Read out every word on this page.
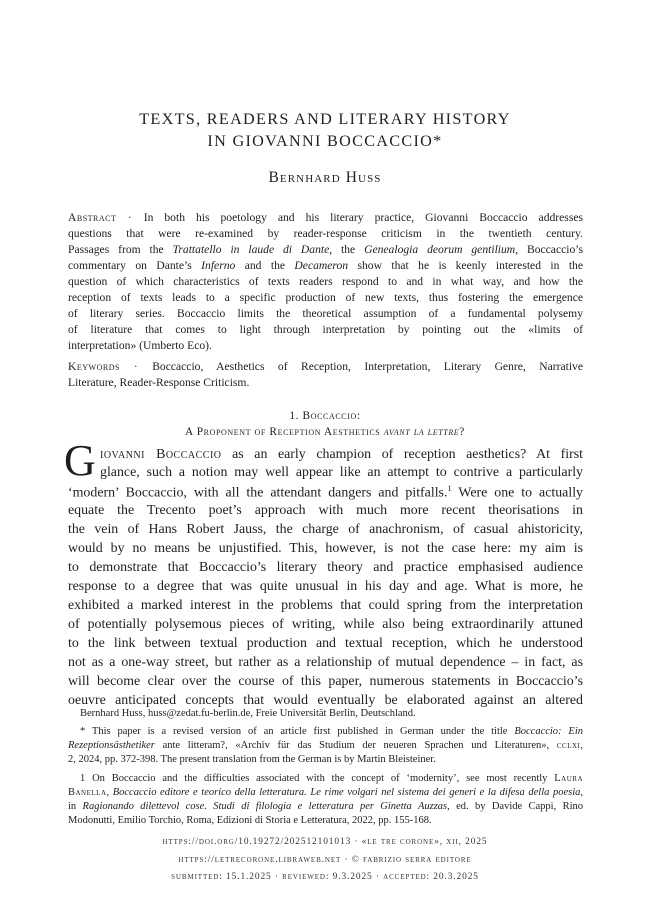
TEXTS, READERS AND LITERARY HISTORY
IN GIOVANNI BOCCACCIO*
Bernhard Huss
Abstract · In both his poetology and his literary practice, Giovanni Boccaccio addresses
questions that were re-examined by reader-response criticism in the twentieth century.
Passages from the Trattatello in laude di Dante, the Genealogia deorum gentilium, Boccaccio’s
commentary on Dante’s Inferno and the Decameron show that he is keenly interested in the
question of which characteristics of texts readers respond to and in what way, and how the
reception of texts leads to a specific production of new texts, thus fostering the emergence
of literary series. Boccaccio limits the theoretical assumption of a fundamental polysemy
of literature that comes to light through interpretation by pointing out the «limits of
interpretation» (Umberto Eco).
Keywords · Boccaccio, Aesthetics of Reception, Interpretation, Literary Genre, Narrative
Literature, Reader-Response Criticism.
1. Boccaccio:
A Proponent of Reception Aesthetics avant la lettre?
G iovanni Boccaccio as an early champion of reception aesthetics? At first
glance, such a notion may well appear like an attempt to contrive a particularly
‘modern’ Boccaccio, with all the attendant dangers and pitfalls.$^1$ Were one to actually
equate the Trecento poet’s approach with much more recent theorisations in
the vein of Hans Robert Jauss, the charge of anachronism, of casual ahistoricity,
would by no means be unjustified. This, however, is not the case here: my aim is
to demonstrate that Boccaccio’s literary theory and practice emphasised audience
response to a degree that was quite unusual in his day and age. What is more, he
exhibited a marked interest in the problems that could spring from the interpretation
of potentially polysemous pieces of writing, while also being extraordinarily attuned
to the link between textual production and textual reception, which he understood
not as a one-way street, but rather as a relationship of mutual dependence – in fact, as
will become clear over the course of this paper, numerous statements in Boccaccio’s
oeuvre anticipated concepts that would eventually be elaborated against an altered
Bernhard Huss, huss@zedat.fu-berlin.de, Freie Universität Berlin, Deutschland.
* This paper is a revised version of an article first published in German under the title Boccaccio: Ein
Rezeptionsästhetiker ante litteram?, «Archiv für das Studium der neueren Sprachen und Literaturen», cclxi,
2, 2024, pp. 372-398. The present translation from the German is by Martin Bleisteiner.
1 On Boccaccio and the difficulties associated with the concept of ‘modernity’, see most recently Laura
Banella, Boccaccio editore e teorico della letteratura. Le rime volgari nel sistema dei generi e la difesa della poesia,
in Ragionando dilettevol cose. Studi di filologia e letteratura per Ginetta Auzzas, ed. by Davide Cappi, Rino
Modonutti, Emilio Torchio, Roma, Edizioni di Storia e Letteratura, 2022, pp. 155-168.
https://doi.org/10.19272/202512101013 · «le tre corone», xii, 2025
https://letrecorone.libraweb.net · © fabrizio serra editore
submitted: 15.1.2025 · reviewed: 9.3.2025 · accepted: 20.3.2025
